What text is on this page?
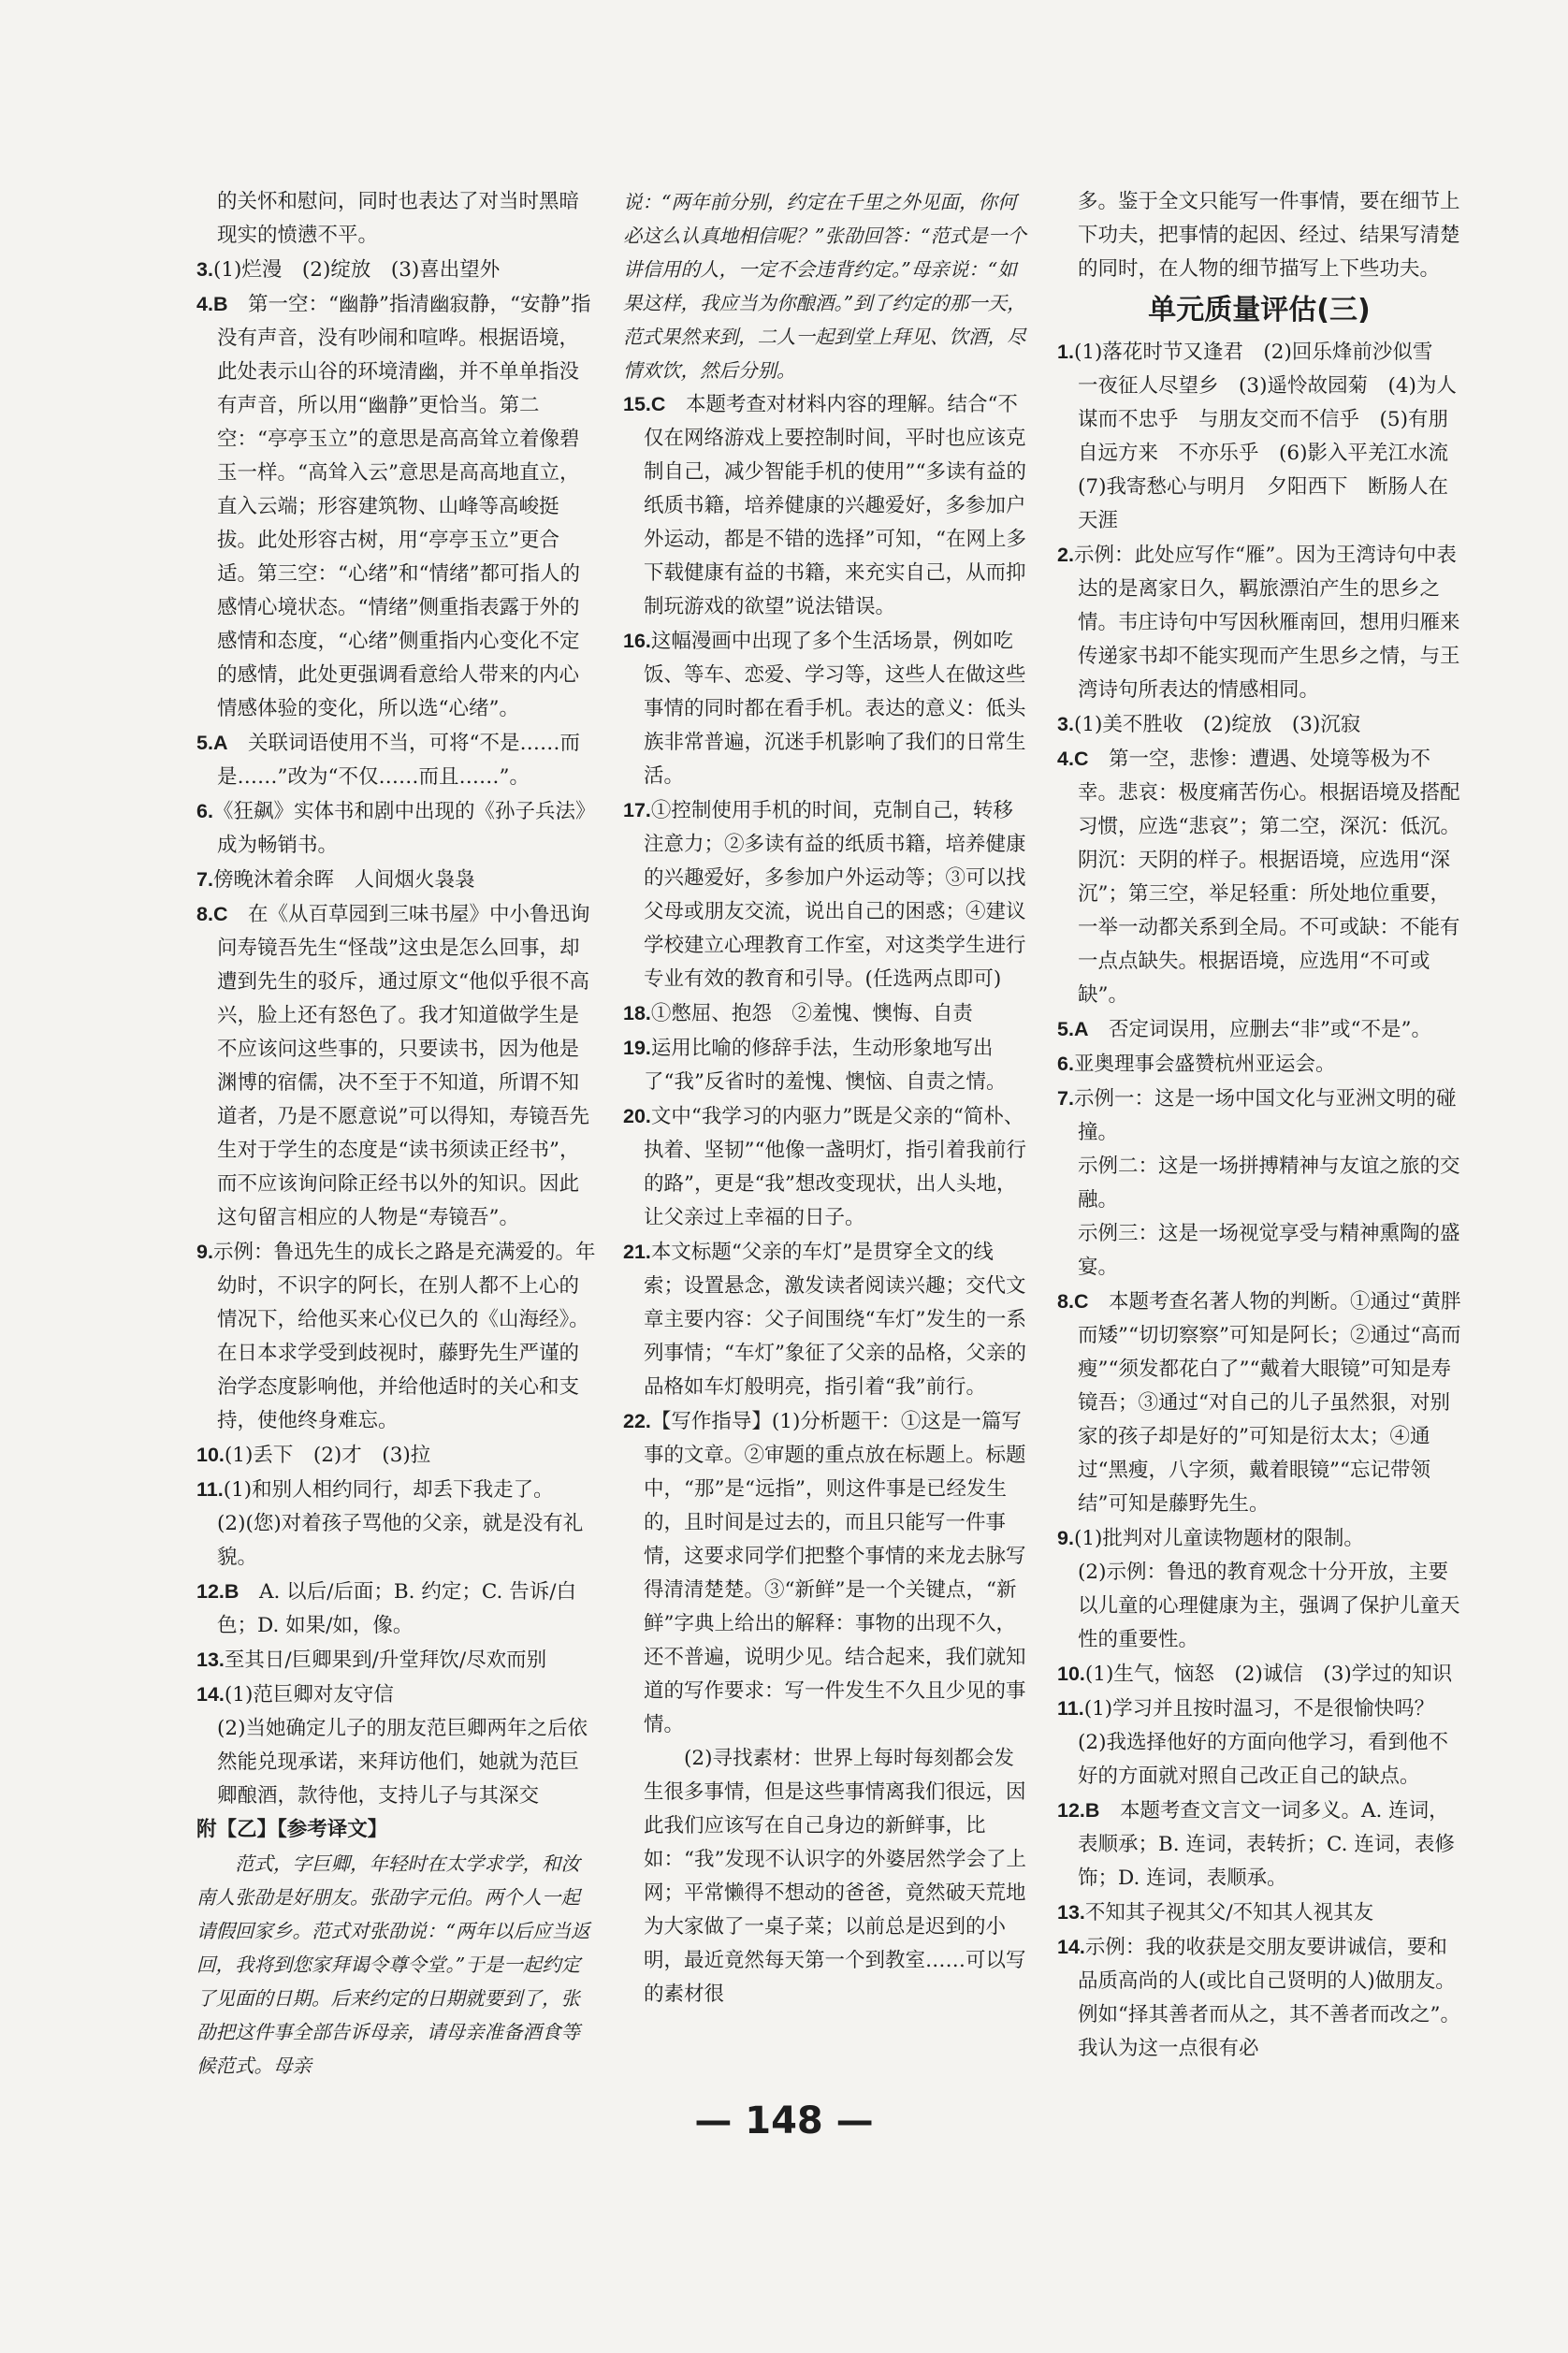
的关怀和慰问，同时也表达了对当时黑暗现实的愤懑不平。

3.(1)烂漫　(2)绽放　(3)喜出望外

4.B　 第一空：“幽静”指清幽寂静，“安静”指没有声音，没有吵闹和喧哗。根据语境，此处表示山谷的环境清幽，并不单单指没有声音，所以用“幽静”更恰当。第二空：“亭亭玉立”的意思是高高耸立着像碧玉一样。“高耸入云”意思是高高地直立，直入云端；形容建筑物、山峰等高峻挺拔。此处形容古树，用“亭亭玉立”更合适。第三空：“心绪”和“情绪”都可指人的感情心境状态。“情绪”侧重指表露于外的感情和态度，“心绪”侧重指内心变化不定的感情，此处更强调看意给人带来的内心情感体验的变化，所以选“心绪”。

5.A　 关联词语使用不当，可将“不是……而是……”改为“不仅……而且……”。

6.《狂飙》实体书和剧中出现的《孙子兵法》成为畅销书。

7.傍晚沐着余晖　人间烟火袅袅

8.C　 在《从百草园到三味书屋》中小鲁迅询问寿镜吾先生“怪哉”这虫是怎么回事，却遭到先生的驳斥，通过原文“他似乎很不高兴，脸上还有怒色了。我才知道做学生是不应该问这些事的，只要读书，因为他是渊博的宿儒，决不至于不知道，所谓不知道者，乃是不愿意说”可以得知，寿镜吾先生对于学生的态度是“读书须读正经书”，而不应该询问除正经书以外的知识。因此这句留言相应的人物是“寿镜吾”。

9.示例：鲁迅先生的成长之路是充满爱的。年幼时，不识字的阿长，在别人都不上心的情况下，给他买来心仪已久的《山海经》。在日本求学受到歧视时，藤野先生严谨的治学态度影响他，并给他适时的关心和支持，使他终身难忘。

10.(1)丢下　(2)才　(3)拉

11.(1)和别人相约同行，却丢下我走了。

(2)(您)对着孩子骂他的父亲，就是没有礼貌。

12.B　 A. 以后/后面；B. 约定；C. 告诉/白色；D. 如果/如，像。

13.至其日/巨卿果到/升堂拜饮/尽欢而别

14.(1)范巨卿对友守信

(2)当她确定儿子的朋友范巨卿两年之后依然能兑现承诺，来拜访他们，她就为范巨卿酿酒，款待他，支持儿子与其深交

附【乙】【参考译文】

范式，字巨卿，年轻时在太学求学，和汝南人张劭是好朋友。张劭字元伯。两个人一起请假回家乡。范式对张劭说：“两年以后应当返回，我将到您家拜谒令尊令堂。”于是一起约定了见面的日期。后来约定的日期就要到了，张劭把这件事全部告诉母亲，请母亲准备酒食等候范式。母亲

说：“两年前分别，约定在千里之外见面，你何必这么认真地相信呢？”张劭回答：“范式是一个讲信用的人，一定不会违背约定。”母亲说：“如果这样，我应当为你酿酒。”到了约定的那一天，范式果然来到，二人一起到堂上拜见、饮酒，尽情欢饮，然后分别。

15.C　 本题考查对材料内容的理解。结合“不仅在网络游戏上要控制时间，平时也应该克制自己，减少智能手机的使用”“多读有益的纸质书籍，培养健康的兴趣爱好，多参加户外运动，都是不错的选择”可知，“在网上多下载健康有益的书籍，来充实自己，从而抑制玩游戏的欲望”说法错误。

16.这幅漫画中出现了多个生活场景，例如吃饭、等车、恋爱、学习等，这些人在做这些事情的同时都在看手机。表达的意义：低头族非常普遍，沉迷手机影响了我们的日常生活。

17.①控制使用手机的时间，克制自己，转移注意力；②多读有益的纸质书籍，培养健康的兴趣爱好，多参加户外运动等；③可以找父母或朋友交流，说出自己的困惑；④建议学校建立心理教育工作室，对这类学生进行专业有效的教育和引导。(任选两点即可)

18.①憋屈、抱怨　②羞愧、懊悔、自责

19.运用比喻的修辞手法，生动形象地写出了“我”反省时的羞愧、懊恼、自责之情。

20.文中“我学习的内驱力”既是父亲的“简朴、执着、坚韧”“他像一盏明灯，指引着我前行的路”，更是“我”想改变现状，出人头地，让父亲过上幸福的日子。

21.本文标题“父亲的车灯”是贯穿全文的线索；设置悬念，激发读者阅读兴趣；交代文章主要内容：父子间围绕“车灯”发生的一系列事情；“车灯”象征了父亲的品格，父亲的品格如车灯般明亮，指引着“我”前行。

22.【写作指导】(1)分析题干：①这是一篇写事的文章。②审题的重点放在标题上。标题中，“那”是“远指”，则这件事是已经发生的，且时间是过去的，而且只能写一件事情，这要求同学们把整个事情的来龙去脉写得清清楚楚。③“新鲜”是一个关键点，“新鲜”字典上给出的解释：事物的出现不久，还不普遍，说明少见。结合起来，我们就知道的写作要求：写一件发生不久且少见的事情。

(2)寻找素材：世界上每时每刻都会发生很多事情，但是这些事情离我们很远，因此我们应该写在自己身边的新鲜事，比如：“我”发现不认识字的外婆居然学会了上网；平常懒得不想动的爸爸，竟然破天荒地为大家做了一桌子菜；以前总是迟到的小明，最近竟然每天第一个到教室……可以写的素材很

多。鉴于全文只能写一件事情，要在细节上下功夫，把事情的起因、经过、结果写清楚的同时，在人物的细节描写上下些功夫。

单元质量评估(三)

1.(1)落花时节又逢君　(2)回乐烽前沙似雪　一夜征人尽望乡　(3)遥怜故园菊　(4)为人谋而不忠乎　与朋友交而不信乎　(5)有朋自远方来　不亦乐乎　(6)影入平羌江水流　(7)我寄愁心与明月　夕阳西下　断肠人在天涯

2.示例：此处应写作“雁”。因为王湾诗句中表达的是离家日久，羁旅漂泊产生的思乡之情。韦庄诗句中写因秋雁南回，想用归雁来传递家书却不能实现而产生思乡之情，与王湾诗句所表达的情感相同。

3.(1)美不胜收　(2)绽放　(3)沉寂

4.C　 第一空，悲惨：遭遇、处境等极为不幸。悲哀：极度痛苦伤心。根据语境及搭配习惯，应选“悲哀”；第二空，深沉：低沉。阴沉：天阴的样子。根据语境，应选用“深沉”；第三空，举足轻重：所处地位重要，一举一动都关系到全局。不可或缺：不能有一点点缺失。根据语境，应选用“不可或缺”。

5.A　 否定词误用，应删去“非”或“不是”。

6.亚奥理事会盛赞杭州亚运会。

7.示例一：这是一场中国文化与亚洲文明的碰撞。

示例二：这是一场拼搏精神与友谊之旅的交融。

示例三：这是一场视觉享受与精神熏陶的盛宴。

8.C　 本题考查名著人物的判断。①通过“黄胖而矮”“切切察察”可知是阿长；②通过“高而瘦”“须发都花白了”“戴着大眼镜”可知是寿镜吾；③通过“对自己的儿子虽然狠，对别家的孩子却是好的”可知是衍太太；④通过“黑瘦，八字须，戴着眼镜”“忘记带领结”可知是藤野先生。

9.(1)批判对儿童读物题材的限制。

(2)示例：鲁迅的教育观念十分开放，主要以儿童的心理健康为主，强调了保护儿童天性的重要性。

10.(1)生气，恼怒　(2)诚信　(3)学过的知识

11.(1)学习并且按时温习，不是很愉快吗？

(2)我选择他好的方面向他学习，看到他不好的方面就对照自己改正自己的缺点。

12.B　 本题考查文言文一词多义。A. 连词，表顺承；B. 连词，表转折；C. 连词，表修饰；D. 连词，表顺承。

13.不知其子视其父/不知其人视其友

14.示例：我的收获是交朋友要讲诚信，要和品质高尚的人(或比自己贤明的人)做朋友。例如“择其善者而从之，其不善者而改之”。我认为这一点很有必

— 148 —
